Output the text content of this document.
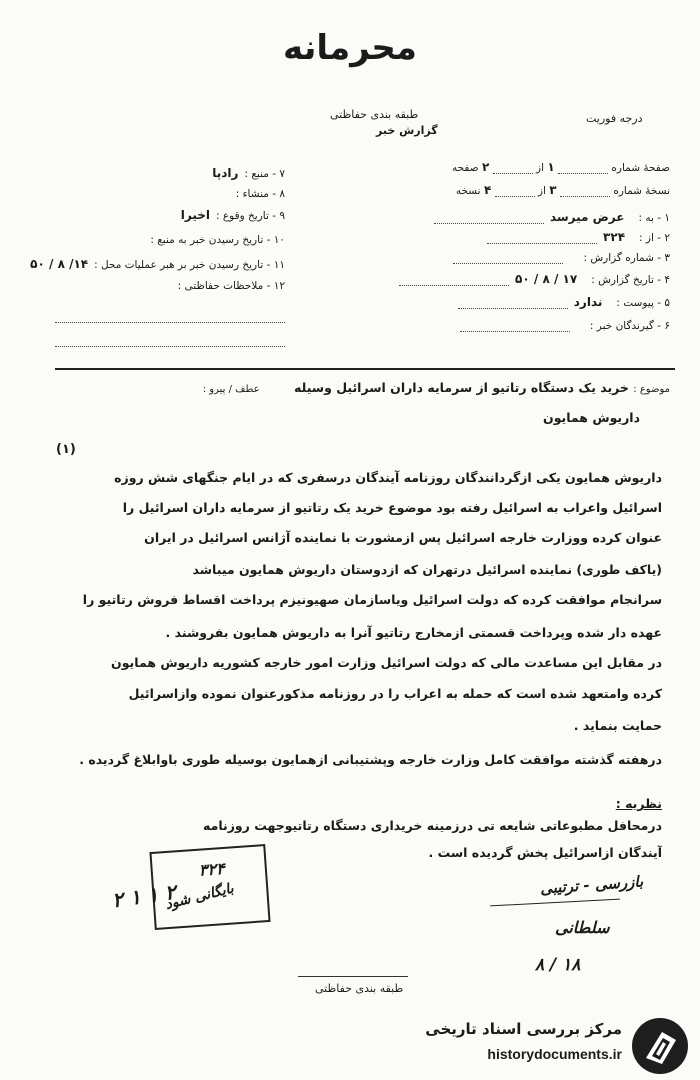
محرمانه
طبقه بندی حفاظتی
گزارش خبر
درجه فوریت
صفحهٔ شماره  ۱ از  ۲ صفحه
نسخهٔ شماره  ۳ از  ۴ نسخه
۱ - به :عرض میرسد
۲ - از :۳۲۴
۳ - شماره گزارش :
۴ - تاریخ گزارش :۱۷ / ۸ / ۵۰
۵ - پیوست :ندارد
۶ - گیرندگان خبر :
۷ - منبع :رادپا
۸ - منشاء :
۹ - تاریخ وقوع :اخیرا
۱۰ - تاریخ رسیدن خبر به منبع :
۱۱ - تاریخ رسیدن خبر بر هبر عملیات محل :۱۴/ ۸ / ۵۰
۱۲ - ملاحظات حفاظتی :
موضوع : خرید یک دستگاه رتاتیو از سرمایه داران اسرائیل وسیله عطف / پیرو :
داریوش همایون
(۱)
داریوش همایون یکی ازگردانندگان روزنامه آیندگان درسفری که در ایام جنگهای شش روزه
اسرائیل واعراب به اسرائیل رفته بود موضوع خرید یک رتاتیو از سرمایه داران اسرائیل را
عنوان کرده ووزارت خارجه اسرائیل پس ازمشورت با نماینده آژانس اسرائیل در ایران
(یاکف طوری) نماینده اسرائیل درتهران که ازدوستان داریوش همایون میباشد
سرانجام موافقت کرده که دولت اسرائیل ویاسازمان صهیونیزم پرداخت اقساط فروش رتاتیو را
عهده دار شده وپرداخت قسمتی ازمخارج رتاتیو آنرا به داریوش همایون بفروشند .
در مقابل این مساعدت مالی که دولت اسرائیل وزارت امور خارجه کشوریه داریوش همایون
کرده وامتعهد شده است که حمله به اعراب را در روزنامه مذکورعنوان نموده وازاسرائیل
حمایت بنماید .
درهفته گذشته موافقت کامل وزارت خارجه وپشتیبانی ازهمایون بوسیله طوری باوابلاغ گردیده .
نظریه :
درمحافل مطبوعاتی شایعه تی درزمینه خریداری دستگاه رتاتیوجهت روزنامه
آیندگان ازاسرائیل پخش گردیده است .
۳۲۴
بایگانی شود
۲ ۱ ۱ ۲	بازرسی - ترتیبی
سلطانی
۸ / ۱۸
طبقه بندی حفاظتی
مرکز بررسی اسناد تاریخی
historydocuments.ir
